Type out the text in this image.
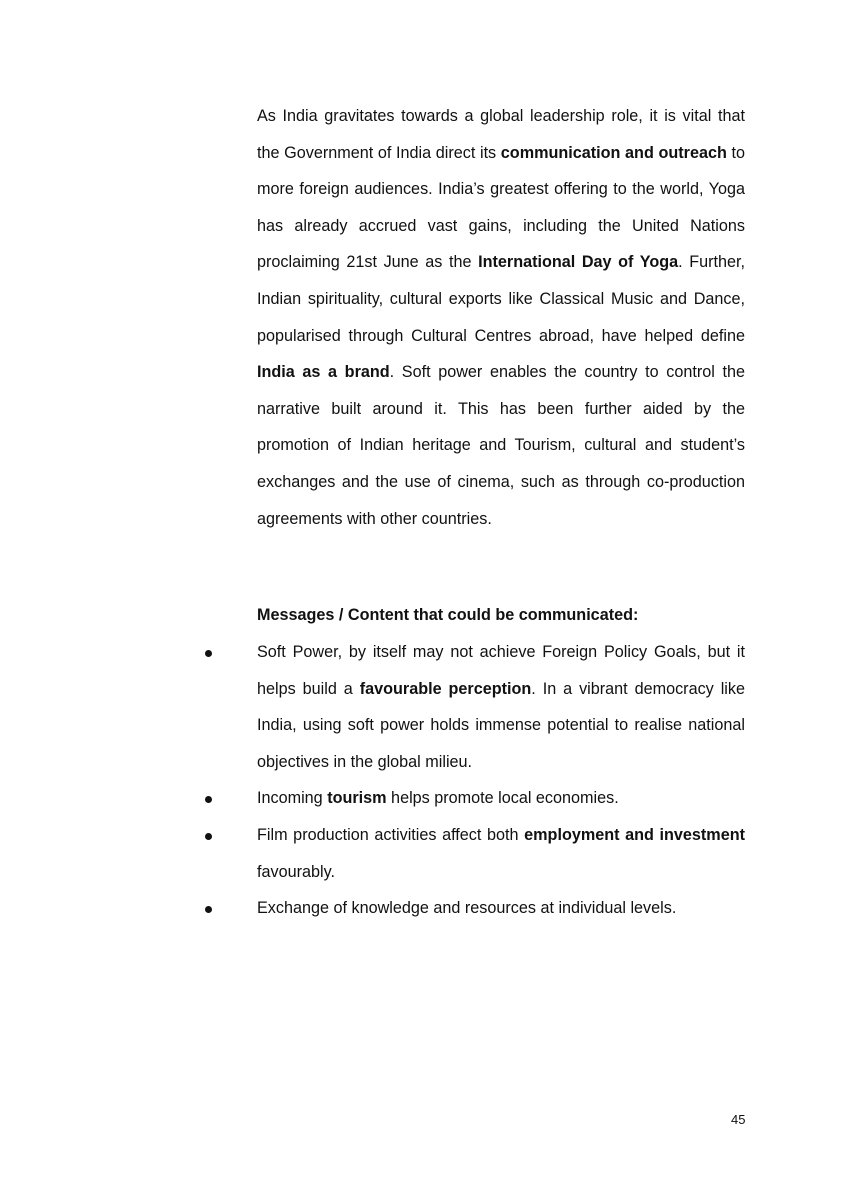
As India gravitates towards a global leadership role, it is vital that the Government of India direct its communication and outreach to more foreign audiences. India’s greatest offering to the world, Yoga has already accrued vast gains, including the United Nations proclaiming 21st June as the International Day of Yoga. Further, Indian spirituality, cultural exports like Classical Music and Dance, popularised through Cultural Centres abroad, have helped define India as a brand. Soft power enables the country to control the narrative built around it. This has been further aided by the promotion of Indian heritage and Tourism, cultural and student’s exchanges and the use of cinema, such as through co-production agreements with other countries.
Messages / Content that could be communicated:
Soft Power, by itself may not achieve Foreign Policy Goals, but it helps build a favourable perception. In a vibrant democracy like India, using soft power holds immense potential to realise national objectives in the global milieu.
Incoming tourism helps promote local economies.
Film production activities affect both employment and investment favourably.
Exchange of knowledge and resources at individual levels.
45
